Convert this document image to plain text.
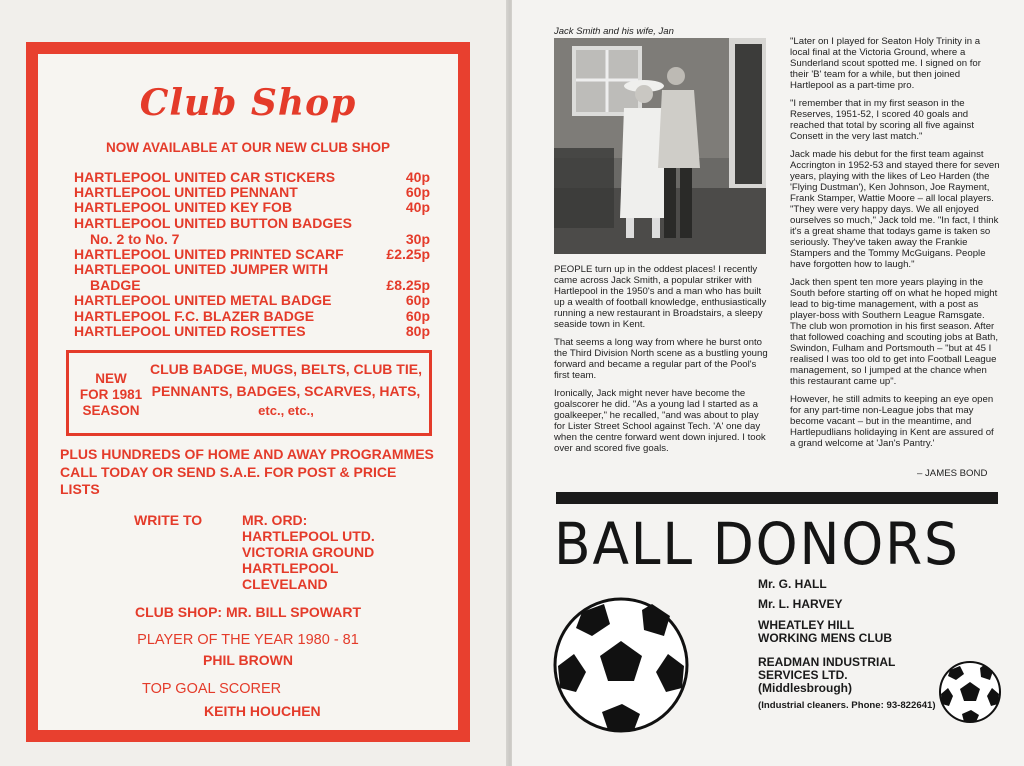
Club Shop
NOW AVAILABLE AT OUR NEW CLUB SHOP
HARTLEPOOL UNITED CAR STICKERS	40p
HARTLEPOOL UNITED PENNANT	60p
HARTLEPOOL UNITED KEY FOB	40p
HARTLEPOOL UNITED BUTTON BADGES
No. 2 to No. 7	30p
HARTLEPOOL UNITED PRINTED SCARF	£2.25p
HARTLEPOOL UNITED JUMPER WITH
BADGE	£8.25p
HARTLEPOOL UNITED METAL BADGE	60p
HARTLEPOOL F.C. BLAZER BADGE	60p
HARTLEPOOL UNITED ROSETTES	80p
NEW
FOR 1981
SEASON
CLUB BADGE, MUGS, BELTS, CLUB TIE,
PENNANTS, BADGES, SCARVES, HATS,
etc., etc.,
PLUS HUNDREDS OF HOME AND AWAY PROGRAMMES
CALL TODAY OR SEND S.A.E. FOR POST & PRICE
LISTS
WRITE TO	MR. ORD:
HARTLEPOOL UTD.
VICTORIA GROUND
HARTLEPOOL
CLEVELAND
CLUB SHOP: MR. BILL SPOWART
PLAYER OF THE YEAR 1980 - 81
PHIL BROWN
TOP GOAL SCORER
KEITH HOUCHEN
Jack Smith and his wife, Jan

PEOPLE turn up in the oddest places! I recently came across Jack Smith, a popular striker with Hartlepool in the 1950's and a man who has built up a wealth of football knowledge, enthusiastically running a new restaurant in Broadstairs, a sleepy seaside town in Kent.

That seems a long way from where he burst onto the Third Division North scene as a bustling young forward and became a regular part of the Pool's first team.

Ironically, Jack might never have become the goalscorer he did. "As a young lad I started as a goalkeeper," he recalled, "and was about to play for Lister Street School against Tech. 'A' one day when the centre forward went down injured. I took over and scored five goals.

"Later on I played for Seaton Holy Trinity in a local final at the Victoria Ground, where a Sunderland scout spotted me. I signed on for their 'B' team for a while, but then joined Hartlepool as a part-time pro.

"I remember that in my first season in the Reserves, 1951-52, I scored 40 goals and reached that total by scoring all five against Consett in the very last match."

Jack made his debut for the first team against Accrington in 1952-53 and stayed there for seven years, playing with the likes of Leo Harden (the 'Flying Dustman'), Ken Johnson, Joe Rayment, Frank Stamper, Wattie Moore – all local players. "They were very happy days. We all enjoyed ourselves so much," Jack told me. "In fact, I think it's a great shame that todays game is taken so seriously. They've taken away the Frankie Stampers and the Tommy McGuigans. People have forgotten how to laugh."

Jack then spent ten more years playing in the South before starting off on what he hoped might lead to big-time management, with a post as player-boss with Southern League Ramsgate. The club won promotion in his first season. After that followed coaching and scouting jobs at Bath, Swindon, Fulham and Portsmouth – "but at 45 I realised I was too old to get into Football League management, so I jumped at the chance when this restaurant came up".

However, he still admits to keeping an eye open for any part-time non-League jobs that may become vacant – but in the meantime, and Hartlepudlians holidaying in Kent are assured of a grand welcome at 'Jan's Pantry.'

– JAMES BOND
BALL DONORS
Mr. G. HALL
Mr. L. HARVEY
WHEATLEY HILL
WORKING MENS CLUB
READMAN INDUSTRIAL
SERVICES LTD.
(Middlesbrough)
(Industrial cleaners. Phone: 93-822641)
